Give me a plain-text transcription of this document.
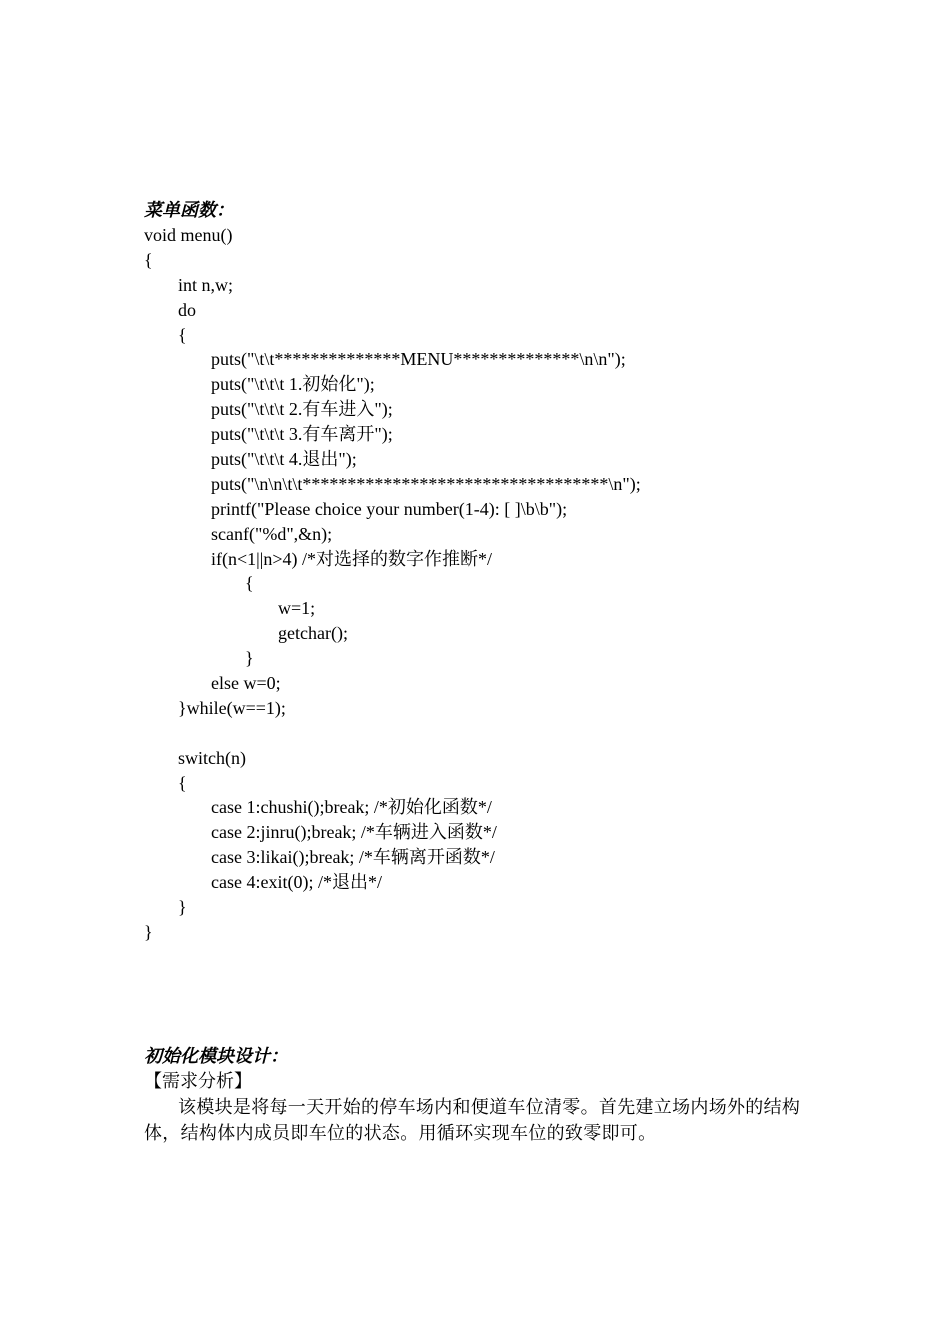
菜单函数：
void menu()
{
int n,w;
do
{
puts("\t\t**************MENU**************\n\n");
puts("\t\t\t 1.初始化");
puts("\t\t\t 2.有车进入");
puts("\t\t\t 3.有车离开");
puts("\t\t\t 4.退出");
puts("\n\n\t\t**********************************\n");
printf("Please choice your number(1-4): [ ]\b\b");
scanf("%d",&n);
if(n<1||n>4) /*对选择的数字作推断*/
{
w=1;
getchar();
}
else w=0;
}while(w==1);
switch(n)
{
case 1:chushi();break; /*初始化函数*/
case 2:jinru();break; /*车辆进入函数*/
case 3:likai();break; /*车辆离开函数*/
case 4:exit(0); /*退出*/
}
}
初始化模块设计：
【需求分析】
该模块是将每一天开始的停车场内和便道车位清零。首先建立场内场外的结构体，结构体内成员即车位的状态。用循环实现车位的致零即可。
